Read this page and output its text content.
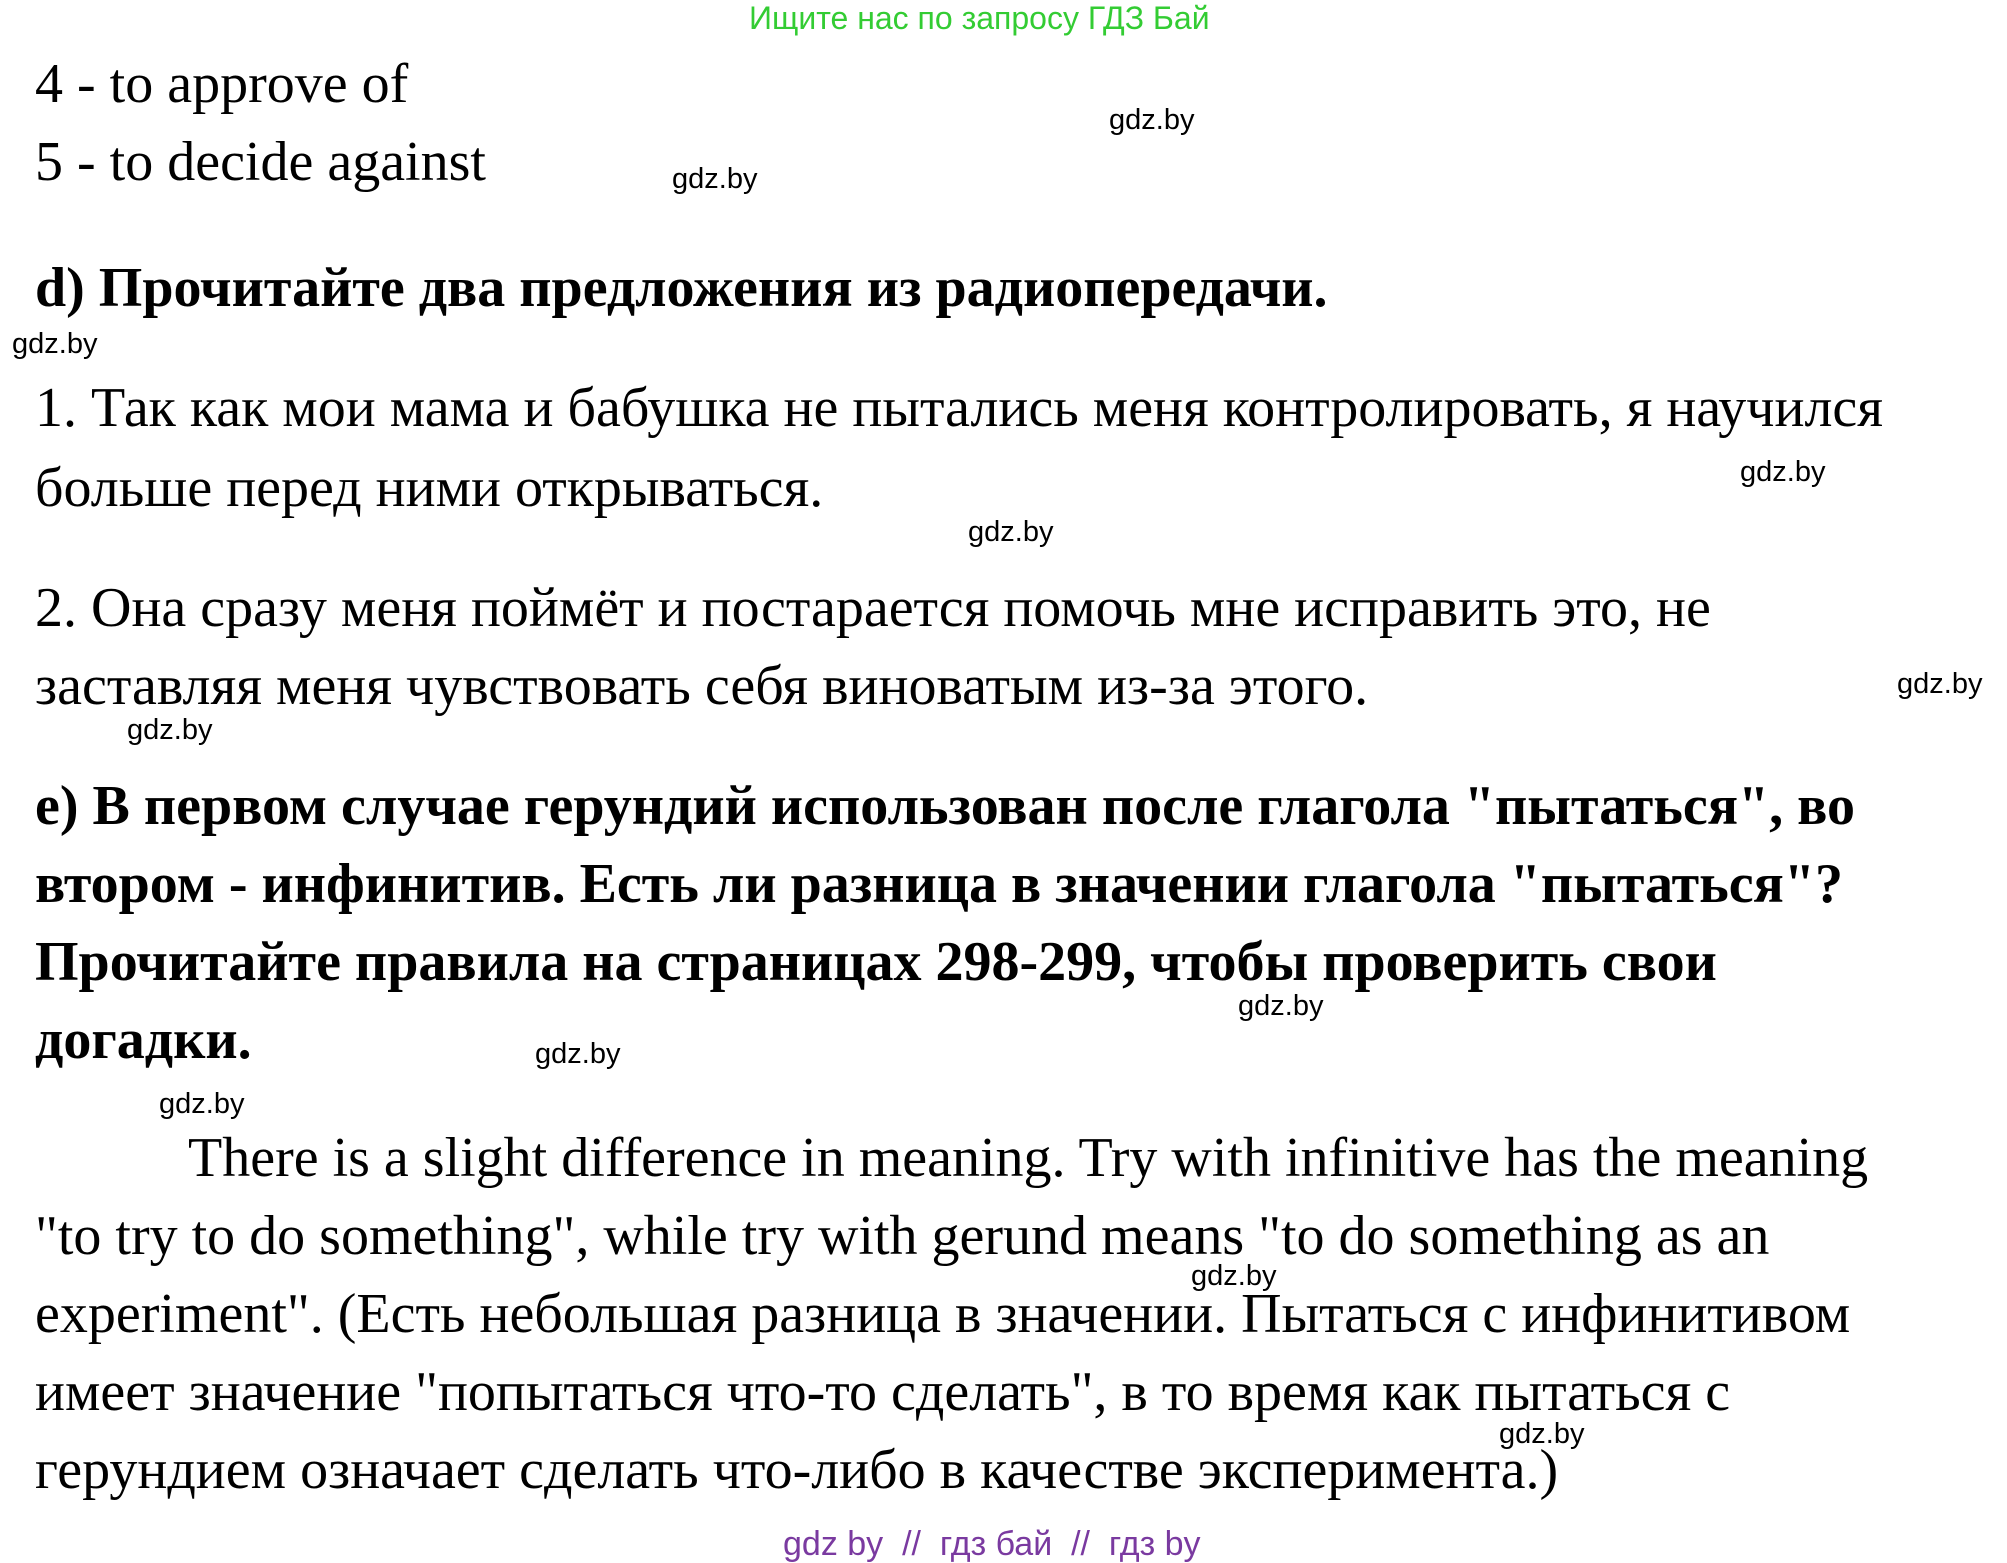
Ищите нас по запросу ГДЗ Бай
4 - to approve of
5 - to decide against
d) Прочитайте два предложения из радиопередачи.
1. Так как мои мама и бабушка не пытались меня контролировать, я научился
больше перед ними открываться.
2. Она сразу меня поймёт и постарается помочь мне исправить это, не
заставляя меня чувствовать себя виноватым из-за этого.
e) В первом случае герундий использован после глагола "пытаться", во
втором - инфинитив. Есть ли разница в значении глагола "пытаться"?
Прочитайте правила на страницах 298-299, чтобы проверить свои
догадки.
There is a slight difference in meaning. Try with infinitive has the meaning
"to try to do something", while try with gerund means "to do something as an
experiment". (Есть небольшая разница в значении. Пытаться с инфинитивом
имеет значение "попытаться что-то сделать", в то время как пытаться с
герундием означает сделать что-либо в качестве эксперимента.)
gdz.by
gdz.by
gdz.by
gdz.by
gdz.by
gdz.by
gdz.by
gdz.by
gdz.by
gdz.by
gdz.by
gdz.by
gdz by  //  гдз бай  //  гдз by
